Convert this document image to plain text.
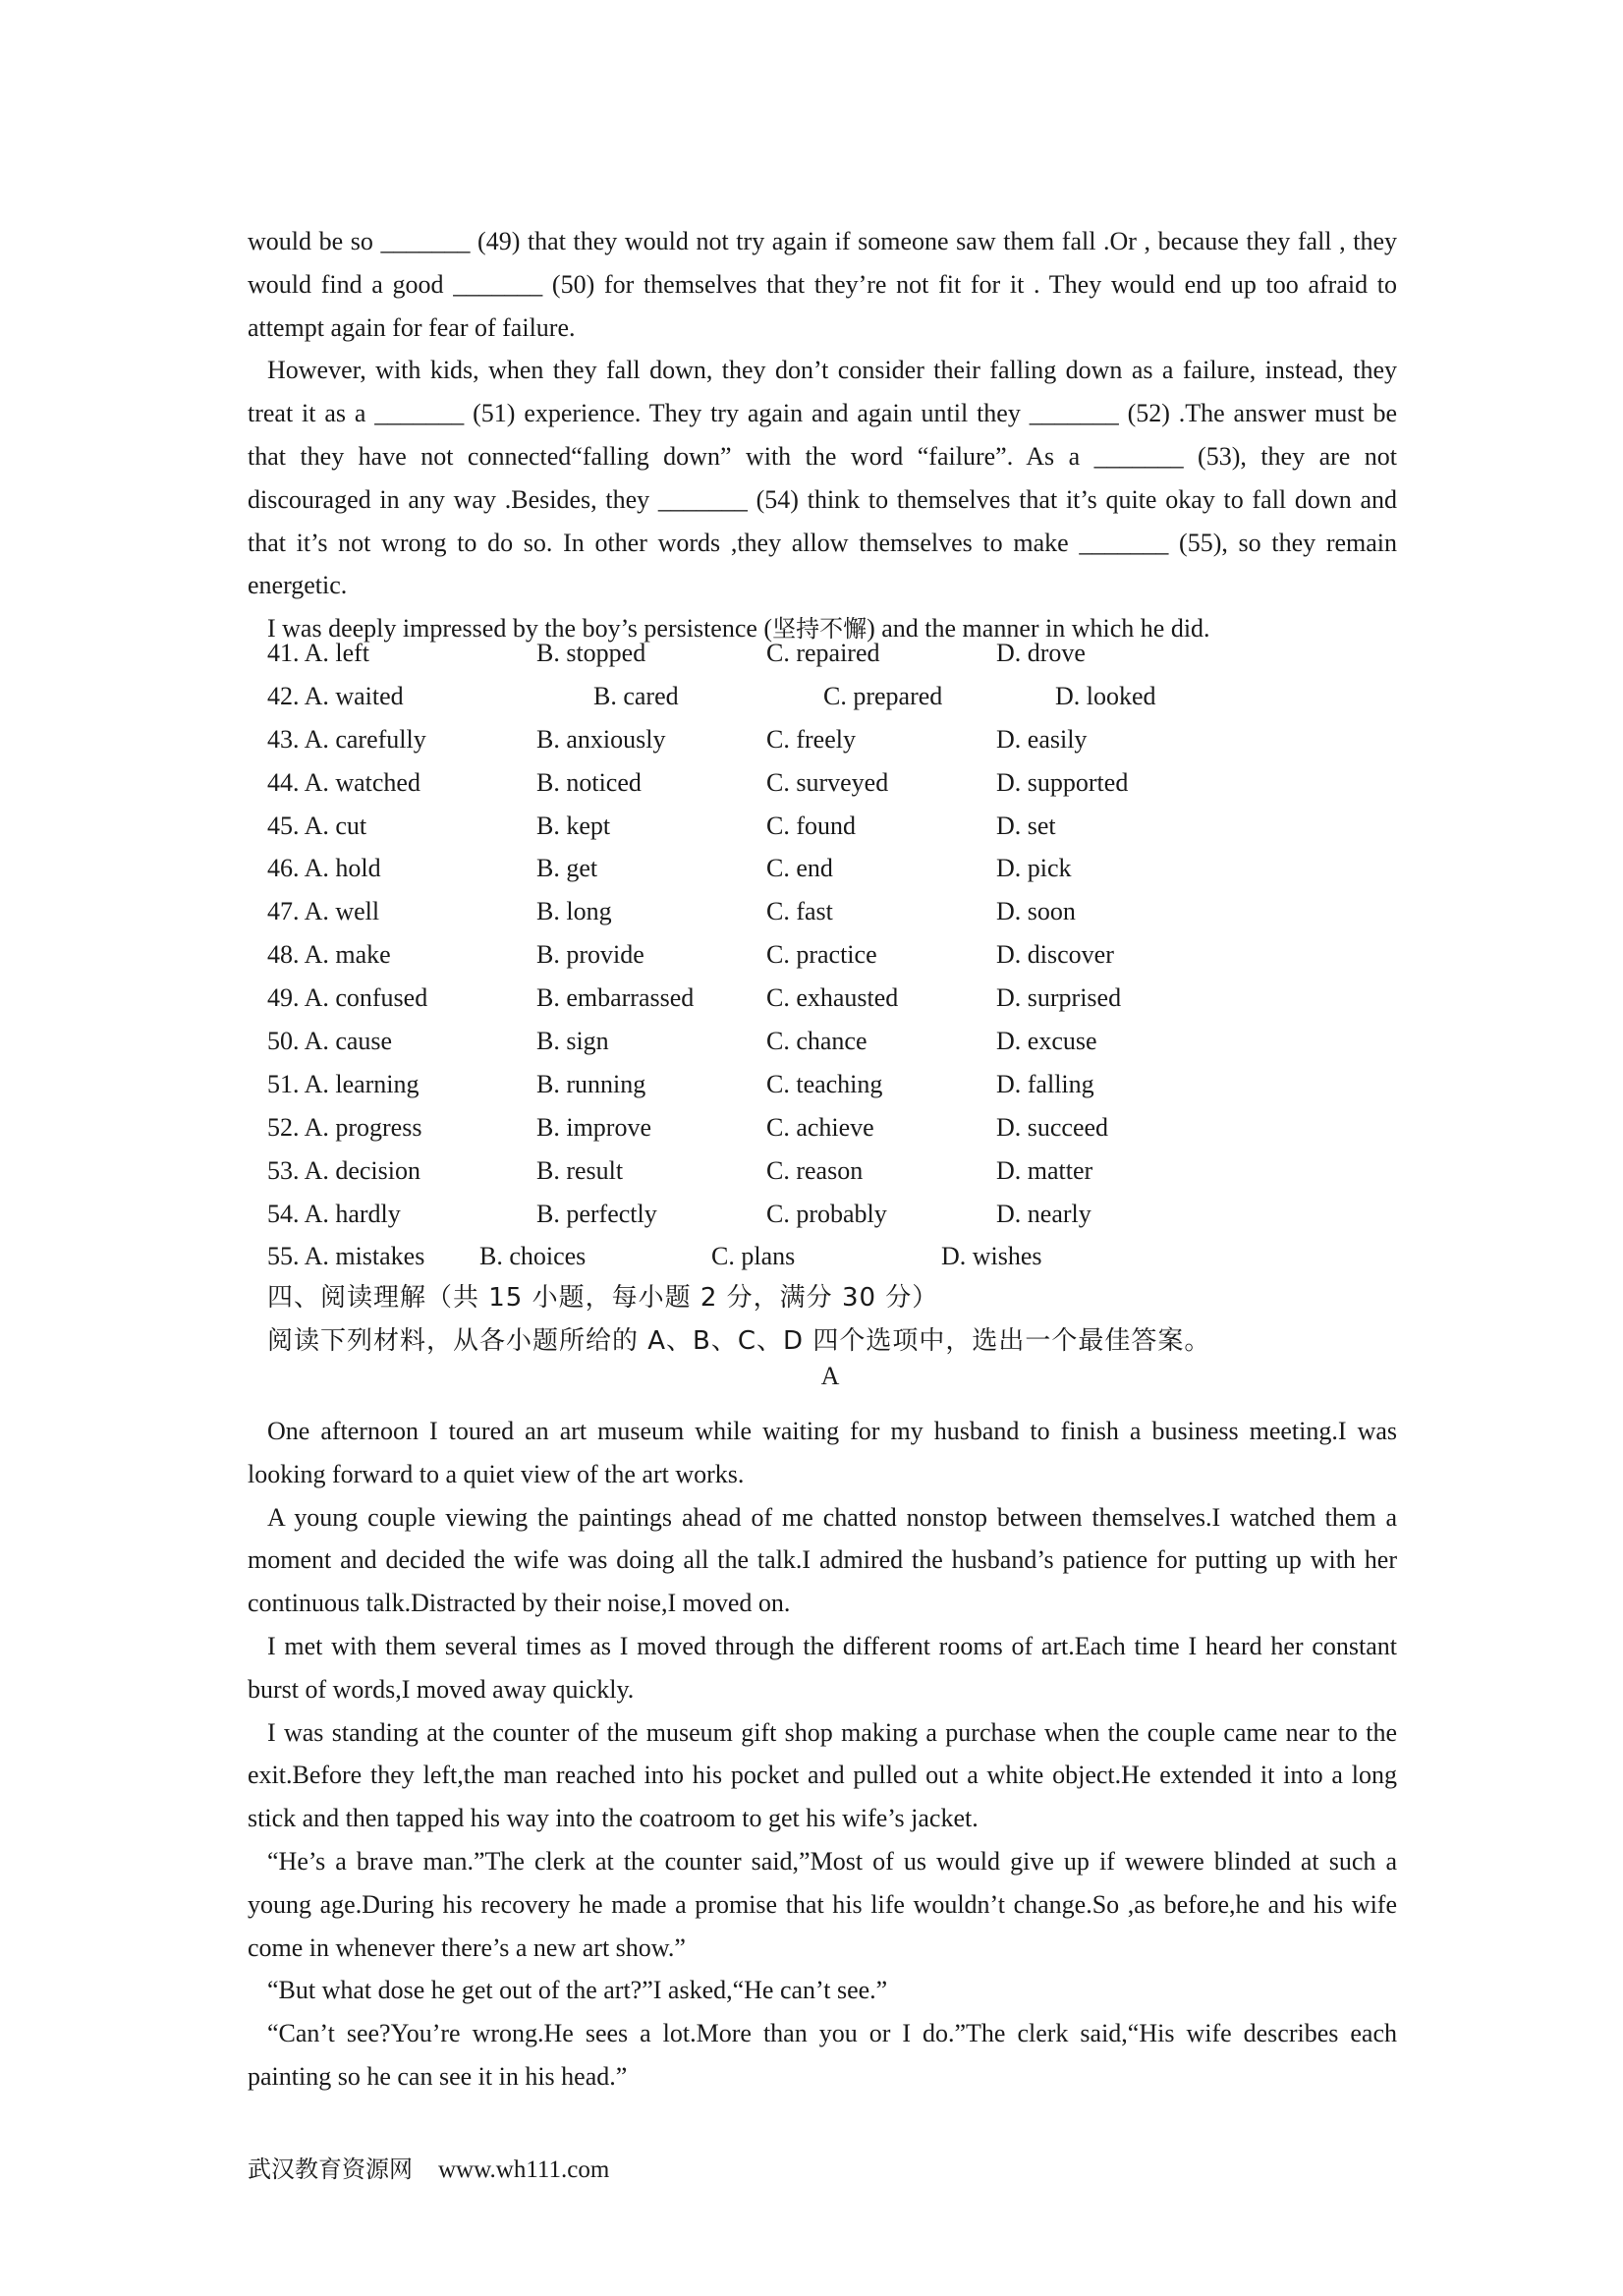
would be so _______ (49) that they would not try again if someone saw them fall .Or , because they fall , they would find a good _______ (50) for themselves that they’re not fit for it . They would end up too afraid to attempt again for fear of failure.

However, with kids, when they fall down, they don’t consider their falling down as a failure, instead, they treat it as a _______ (51) experience. They try again and again until they _______ (52) .The answer must be that they have not connected“falling down” with the word “failure”. As a _______ (53), they are not discouraged in any way .Besides, they _______ (54) think to themselves that it’s quite okay to fall down and that it’s not wrong to do so. In other words ,they allow themselves to make _______ (55), so they remain energetic.

I was deeply impressed by the boy’s persistence (坚持不懈) and the manner in which he did.

41. A. left	B. stopped	C. repaired	D. drove
42. A. waited	B. cared	C. prepared	D. looked
43. A. carefully	B. anxiously	C. freely	D. easily
44. A. watched	B. noticed	C. surveyed	D. supported
45. A. cut	B. kept	C. found	D. set
46. A. hold	B. get	C. end	D. pick
47. A. well	B. long	C. fast	D. soon
48. A. make	B. provide	C. practice	D. discover
49. A. confused	B. embarrassed	C. exhausted	D. surprised
50. A. cause	B. sign	C. chance	D. excuse
51. A. learning	B. running	C. teaching	D. falling
52. A. progress	B. improve	C. achieve	D. succeed
53. A. decision	B. result	C. reason	D. matter
54. A. hardly	B. perfectly	C. probably	D. nearly
55. A. mistakes B. choices	C. plans	D. wishes
四、阅读理解（共 15 小题，每小题 2 分，满分 30 分）
阅读下列材料，从各小题所给的 A、B、C、D 四个选项中，选出一个最佳答案。
A

One afternoon I toured an art museum while waiting for my husband to finish a business meeting.I was looking forward to a quiet view of the art works.

A young couple viewing the paintings ahead of me chatted nonstop between themselves.I watched them a moment and decided the wife was doing all the talk.I admired the husband’s patience for putting up with her continuous talk.Distracted by their noise,I moved on.

I met with them several times as I moved through the different rooms of art.Each time I heard her constant burst of words,I moved away quickly.

I was standing at the counter of the museum gift shop making a purchase when the couple came near to the exit.Before they left,the man reached into his pocket and pulled out a white object.He extended it into a long stick and then tapped his way into the coatroom to get his wife’s jacket.

“He’s a brave man.”The clerk at the counter said,”Most of us would give up if wewere blinded at such a young age.During his recovery he made a promise that his life wouldn’t change.So ,as before,he and his wife come in whenever there’s a new art show.”

“But what dose he get out of the art?”I asked,“He can’t see.”

“Can’t see?You’re wrong.He sees a lot.More than you or I do.”The clerk said,“His wife describes each painting so he can see it in his head.”

武汉教育资源网 www.wh111.com
